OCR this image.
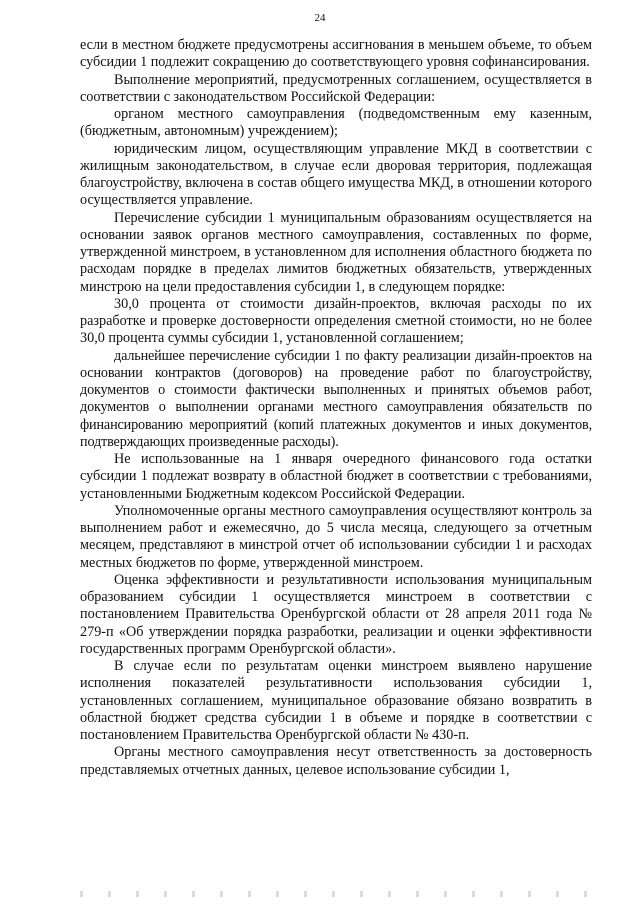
24

если в местном бюджете предусмотрены ассигнования в меньшем объеме, то объем субсидии 1 подлежит сокращению до соответствующего уровня софинансирования.

Выполнение мероприятий, предусмотренных соглашением, осуществляется в соответствии с законодательством Российской Федерации:

органом местного самоуправления (подведомственным ему казенным, (бюджетным, автономным) учреждением);

юридическим лицом, осуществляющим управление МКД в соответствии с жилищным законодательством, в случае если дворовая территория, подлежащая благоустройству, включена в состав общего имущества МКД, в отношении которого осуществляется управление.

Перечисление субсидии 1 муниципальным образованиям осуществляется на основании заявок органов местного самоуправления, составленных по форме, утвержденной минстроем, в установленном для исполнения областного бюджета по расходам порядке в пределах лимитов бюджетных обязательств, утвержденных минстрою на цели предоставления субсидии 1, в следующем порядке:

30,0 процента от стоимости дизайн-проектов, включая расходы по их разработке и проверке достоверности определения сметной стоимости, но не более 30,0 процента суммы субсидии 1, установленной соглашением;

дальнейшее перечисление субсидии 1 по факту реализации дизайн-проектов на основании контрактов (договоров) на проведение работ по благоустройству, документов о стоимости фактически выполненных и принятых объемов работ, документов о выполнении органами местного самоуправления обязательств по финансированию мероприятий (копий платежных документов и иных документов, подтверждающих произведенные расходы).

Не использованные на 1 января очередного финансового года остатки субсидии 1 подлежат возврату в областной бюджет в соответствии с требованиями, установленными Бюджетным кодексом Российской Федерации.

Уполномоченные органы местного самоуправления осуществляют контроль за выполнением работ и ежемесячно, до 5 числа месяца, следующего за отчетным месяцем, представляют в минстрой отчет об использовании субсидии 1 и расходах местных бюджетов по форме, утвержденной минстроем.

Оценка эффективности и результативности использования муниципальным образованием субсидии 1 осуществляется минстроем в соответствии с постановлением Правительства Оренбургской области от 28 апреля 2011 года № 279-п «Об утверждении порядка разработки, реализации и оценки эффективности государственных программ Оренбургской области».

В случае если по результатам оценки минстроем выявлено нарушение исполнения показателей результативности использования субсидии 1, установленных соглашением, муниципальное образование обязано возвратить в областной бюджет средства субсидии 1 в объеме и порядке в соответствии с постановлением Правительства Оренбургской области № 430-п.

Органы местного самоуправления несут ответственность за достоверность представляемых отчетных данных, целевое использование субсидии 1,
